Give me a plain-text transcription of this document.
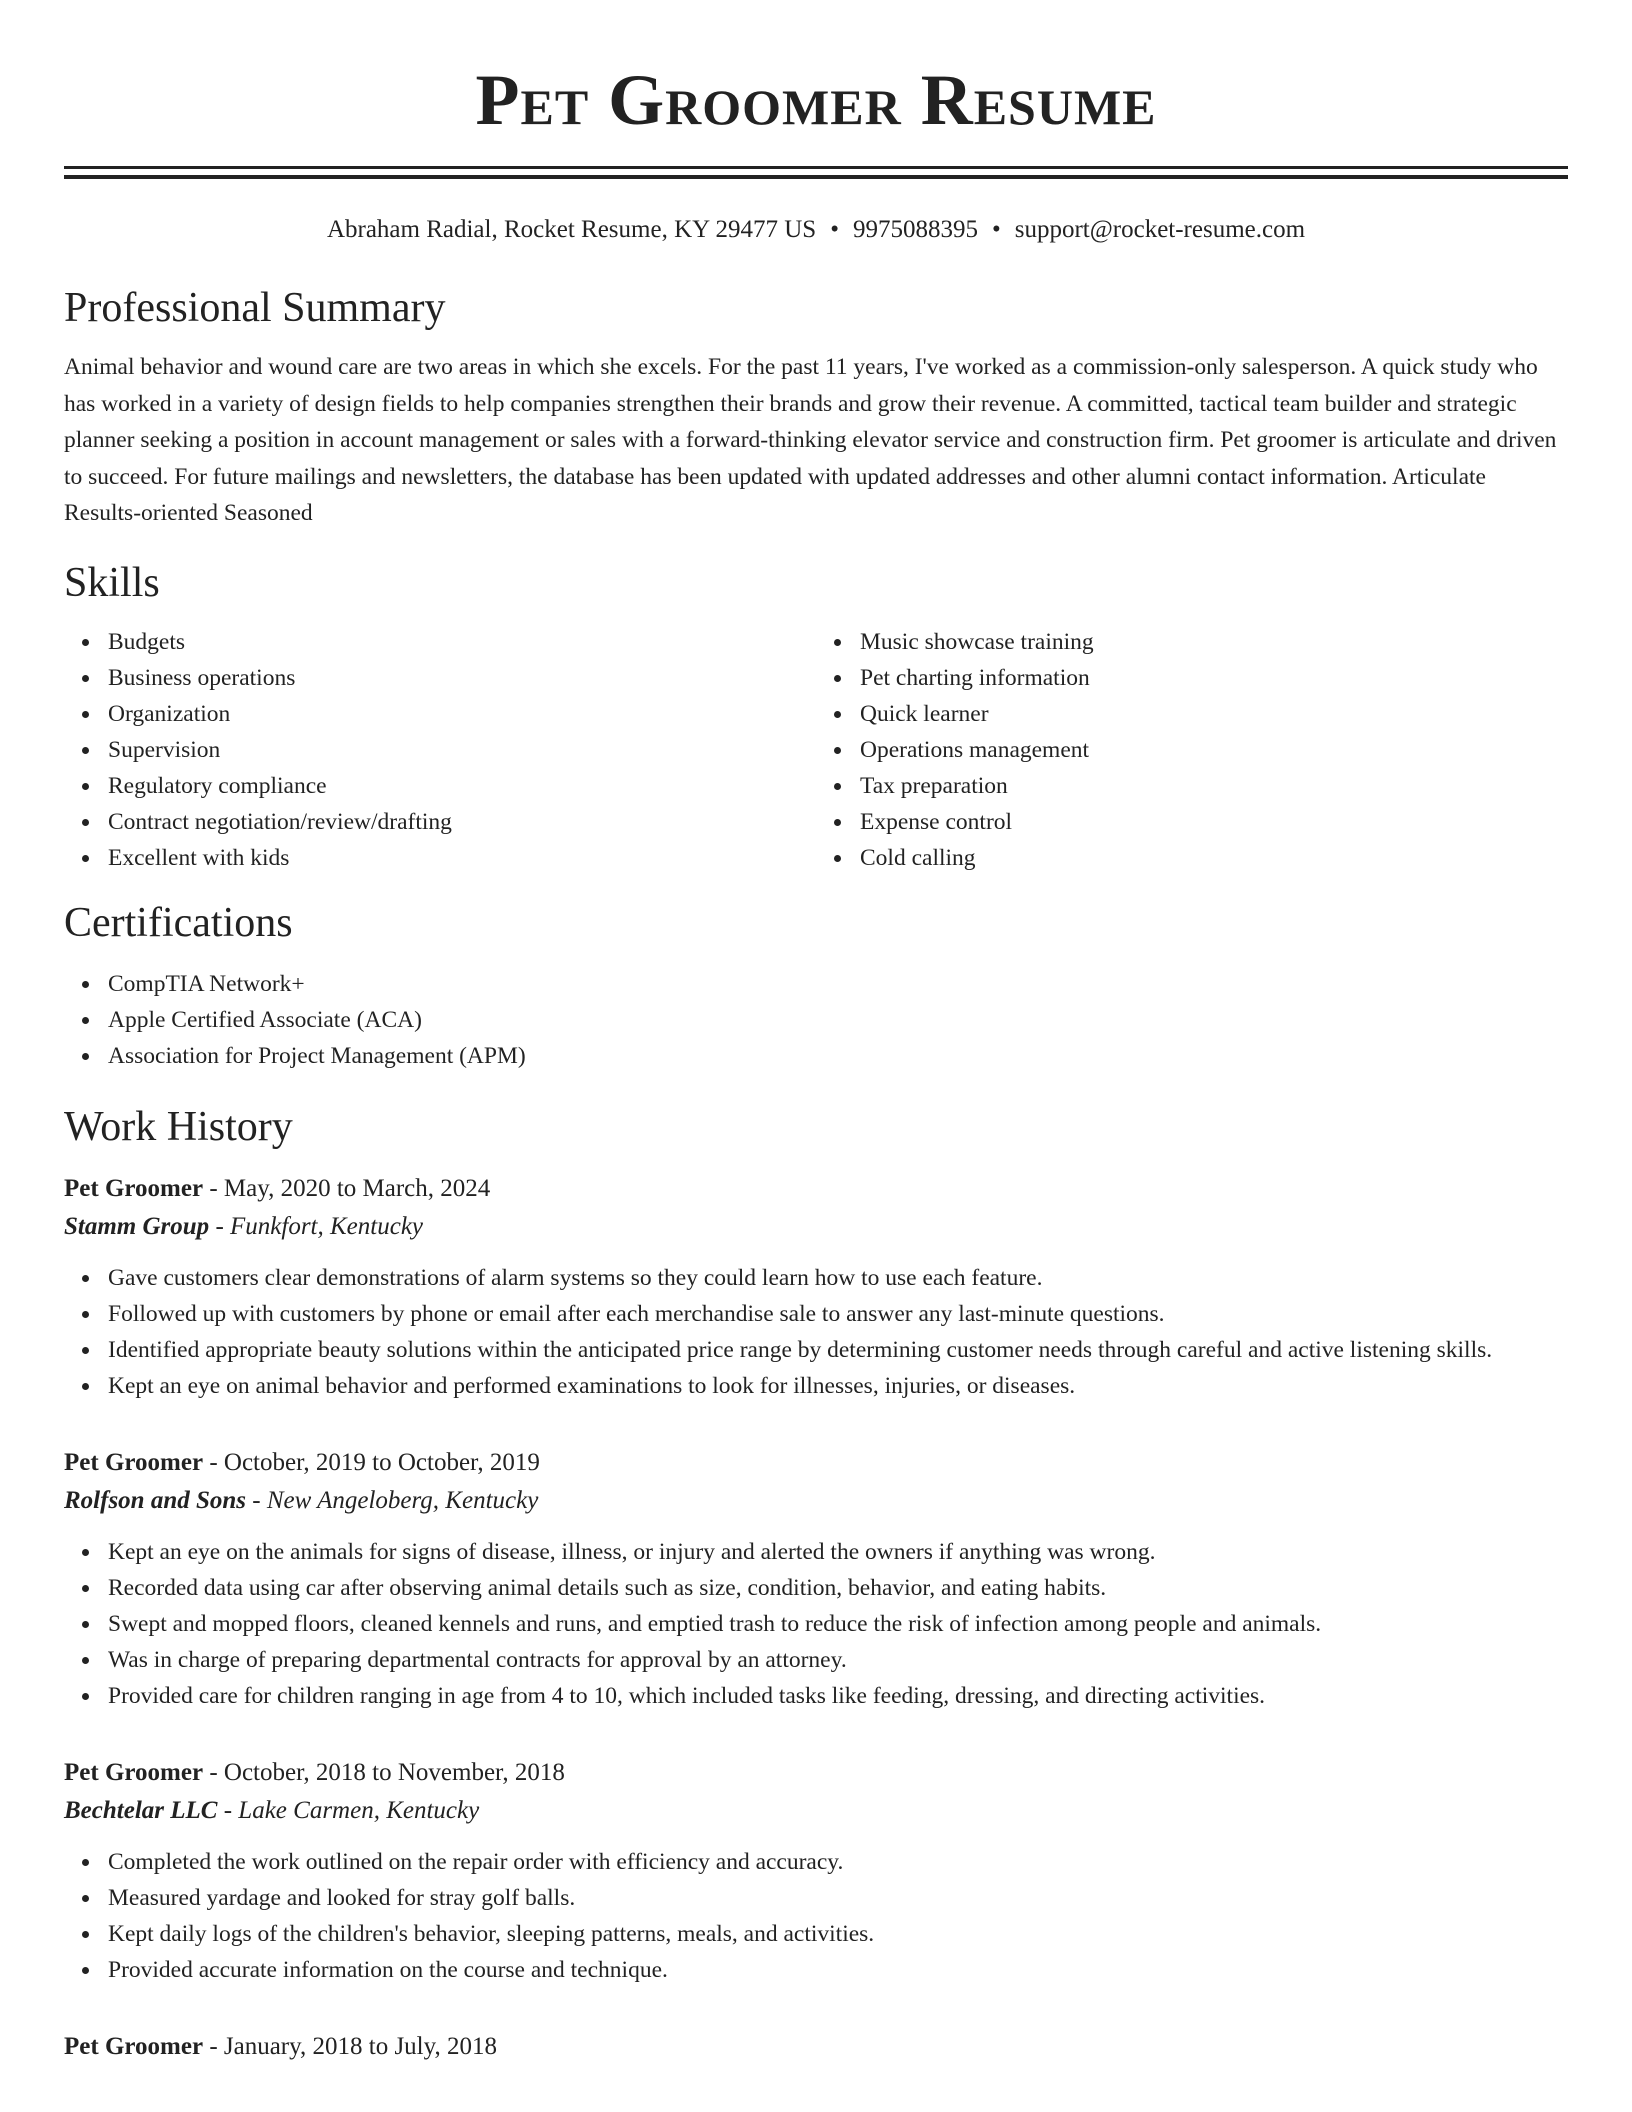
Pet Groomer Resume
Abraham Radial, Rocket Resume, KY 29477 US • 9975088395 • support@rocket-resume.com
Professional Summary
Animal behavior and wound care are two areas in which she excels. For the past 11 years, I've worked as a commission-only salesperson. A quick study who has worked in a variety of design fields to help companies strengthen their brands and grow their revenue. A committed, tactical team builder and strategic planner seeking a position in account management or sales with a forward-thinking elevator service and construction firm. Pet groomer is articulate and driven to succeed. For future mailings and newsletters, the database has been updated with updated addresses and other alumni contact information. Articulate Results-oriented Seasoned
Skills
Budgets
Business operations
Organization
Supervision
Regulatory compliance
Contract negotiation/review/drafting
Excellent with kids
Music showcase training
Pet charting information
Quick learner
Operations management
Tax preparation
Expense control
Cold calling
Certifications
CompTIA Network+
Apple Certified Associate (ACA)
Association for Project Management (APM)
Work History
Pet Groomer - May, 2020 to March, 2024
Stamm Group - Funkfort, Kentucky
Gave customers clear demonstrations of alarm systems so they could learn how to use each feature.
Followed up with customers by phone or email after each merchandise sale to answer any last-minute questions.
Identified appropriate beauty solutions within the anticipated price range by determining customer needs through careful and active listening skills.
Kept an eye on animal behavior and performed examinations to look for illnesses, injuries, or diseases.
Pet Groomer - October, 2019 to October, 2019
Rolfson and Sons - New Angeloberg, Kentucky
Kept an eye on the animals for signs of disease, illness, or injury and alerted the owners if anything was wrong.
Recorded data using car after observing animal details such as size, condition, behavior, and eating habits.
Swept and mopped floors, cleaned kennels and runs, and emptied trash to reduce the risk of infection among people and animals.
Was in charge of preparing departmental contracts for approval by an attorney.
Provided care for children ranging in age from 4 to 10, which included tasks like feeding, dressing, and directing activities.
Pet Groomer - October, 2018 to November, 2018
Bechtelar LLC - Lake Carmen, Kentucky
Completed the work outlined on the repair order with efficiency and accuracy.
Measured yardage and looked for stray golf balls.
Kept daily logs of the children's behavior, sleeping patterns, meals, and activities.
Provided accurate information on the course and technique.
Pet Groomer - January, 2018 to July, 2018
